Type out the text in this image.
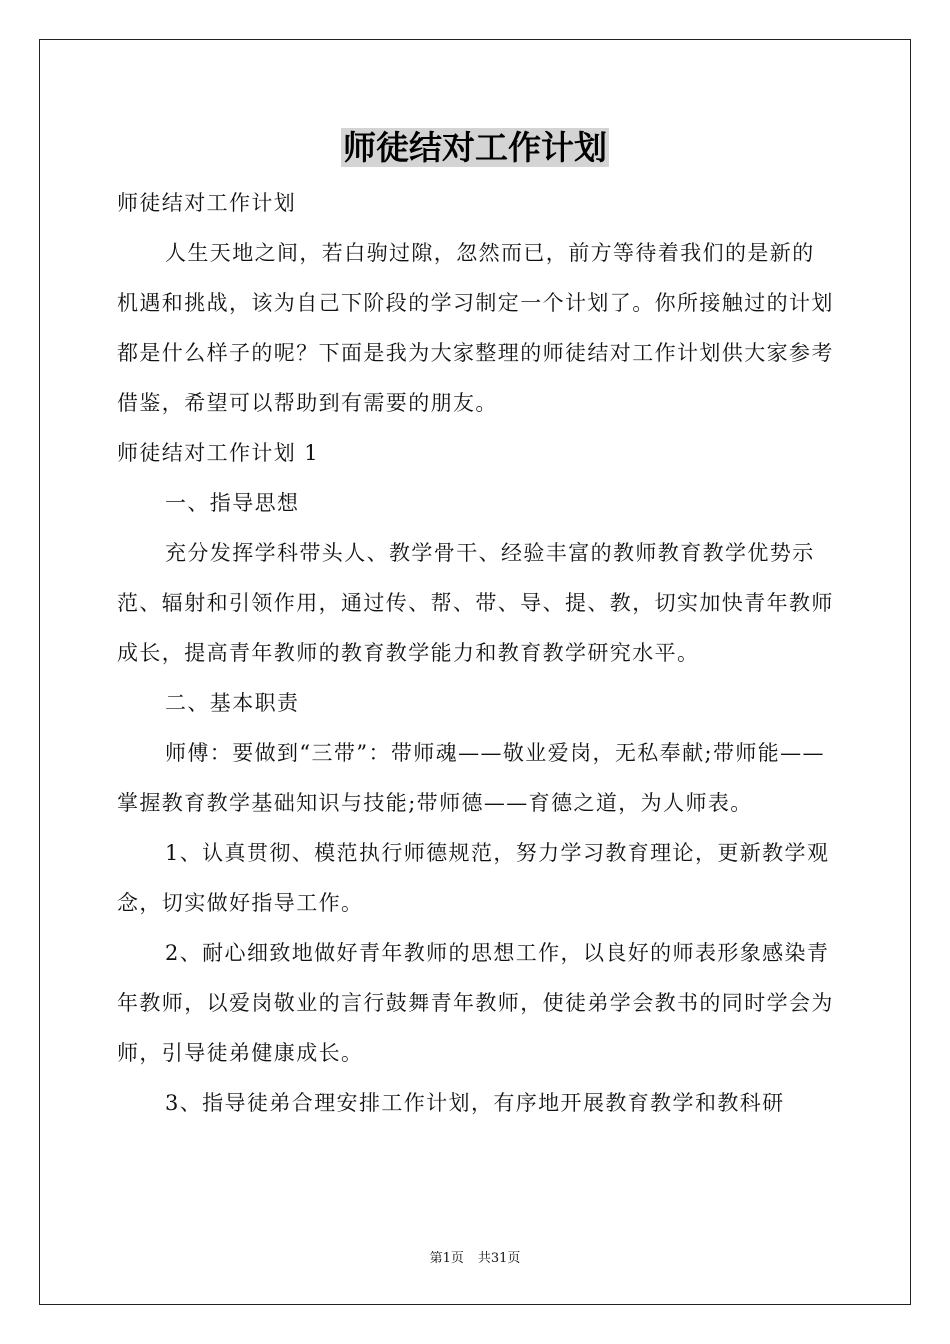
师徒结对工作计划

师徒结对工作计划

人生天地之间，若白驹过隙，忽然而已，前方等待着我们的是新的机遇和挑战，该为自己下阶段的学习制定一个计划了。你所接触过的计划都是什么样子的呢？下面是我为大家整理的师徒结对工作计划供大家参考借鉴，希望可以帮助到有需要的朋友。

师徒结对工作计划 1

一、指导思想

充分发挥学科带头人、教学骨干、经验丰富的教师教育教学优势示范、辐射和引领作用，通过传、帮、带、导、提、教，切实加快青年教师成长，提高青年教师的教育教学能力和教育教学研究水平。

二、基本职责

师傅：要做到“三带”：带师魂——敬业爱岗，无私奉献;带师能——掌握教育教学基础知识与技能;带师德——育德之道，为人师表。

1、认真贯彻、模范执行师德规范，努力学习教育理论，更新教学观念，切实做好指导工作。

2、耐心细致地做好青年教师的思想工作，以良好的师表形象感染青年教师，以爱岗敬业的言行鼓舞青年教师，使徒弟学会教书的同时学会为师，引导徒弟健康成长。

3、指导徒弟合理安排工作计划，有序地开展教育教学和教科研

第1页 共31页
